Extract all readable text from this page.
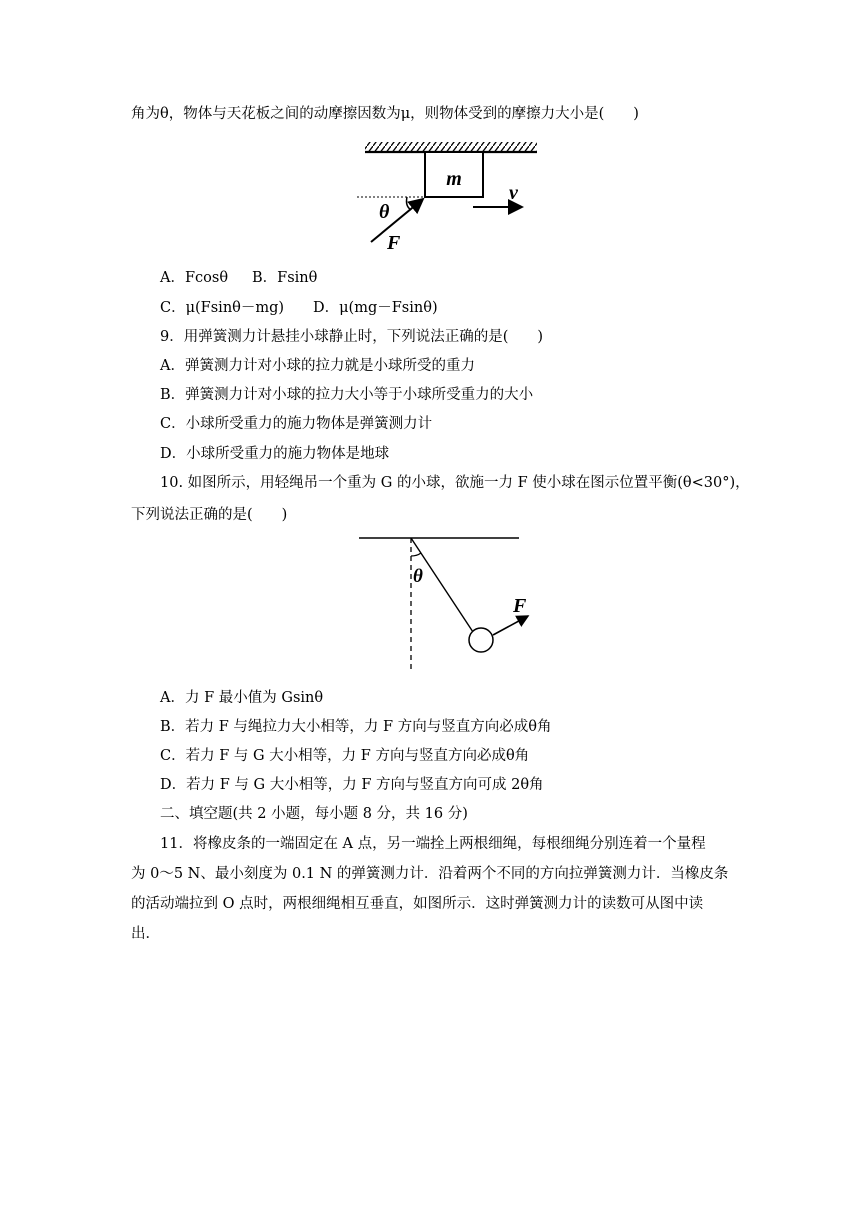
角为θ，物体与天花板之间的动摩擦因数为μ，则物体受到的摩擦力大小是(　　)
m
v
θ
F
A．Fcosθ B．Fsinθ
C．μ(Fsinθ－mg) D．μ(mg－Fsinθ)
9．用弹簧测力计悬挂小球静止时，下列说法正确的是(　　)
A．弹簧测力计对小球的拉力就是小球所受的重力
B．弹簧测力计对小球的拉力大小等于小球所受重力的大小
C．小球所受重力的施力物体是弹簧测力计
D．小球所受重力的施力物体是地球
10. 如图所示，用轻绳吊一个重为 G 的小球，欲施一力 F 使小球在图示位置平衡(θ<30°)，
下列说法正确的是(　　)
θ
F
A．力 F 最小值为 Gsinθ
B．若力 F 与绳拉力大小相等，力 F 方向与竖直方向必成θ角
C．若力 F 与 G 大小相等，力 F 方向与竖直方向必成θ角
D．若力 F 与 G 大小相等，力 F 方向与竖直方向可成 2θ角
二、填空题(共 2 小题，每小题 8 分，共 16 分)
11．将橡皮条的一端固定在 A 点，另一端拴上两根细绳，每根细绳分别连着一个量程
为 0～5 N、最小刻度为 0.1 N 的弹簧测力计．沿着两个不同的方向拉弹簧测力计．当橡皮条
的活动端拉到 O 点时，两根细绳相互垂直，如图所示．这时弹簧测力计的读数可从图中读
出．
